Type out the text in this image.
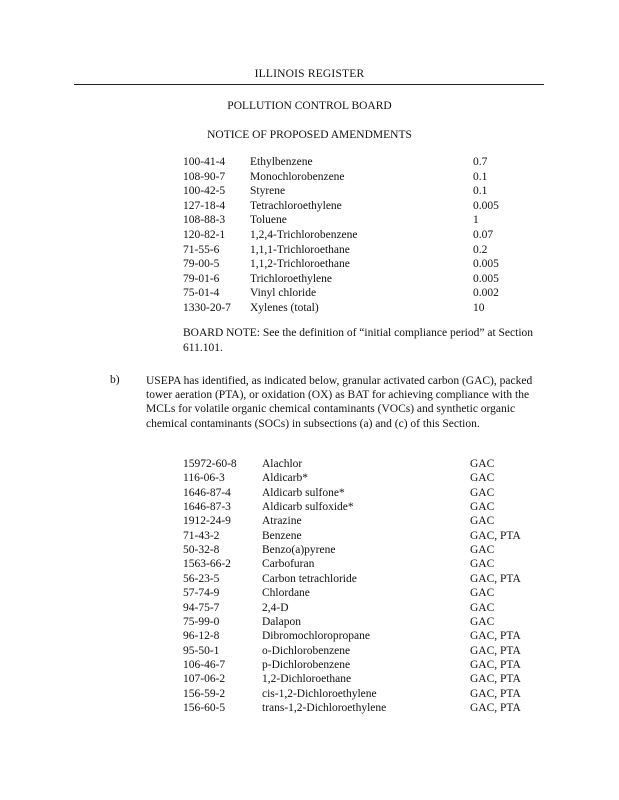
ILLINOIS REGISTER
POLLUTION CONTROL BOARD
NOTICE OF PROPOSED AMENDMENTS
100-41-4 Ethylbenzene	0.7
108-90-7 Monochlorobenzene	0.1
100-42-5 Styrene	0.1
127-18-4 Tetrachloroethylene	0.005
108-88-3 Toluene	1
120-82-1 1,2,4-Trichlorobenzene	0.07
71-55-6	1,1,1-Trichloroethane	0.2
79-00-5	1,1,2-Trichloroethane	0.005
79-01-6	Trichloroethylene	0.005
75-01-4	Vinyl chloride	0.002
1330-20-7 Xylenes (total)	10
BOARD NOTE: See the definition of “initial compliance period” at Section 611.101.
b) USEPA has identified, as indicated below, granular activated carbon (GAC), packed tower aeration (PTA), or oxidation (OX) as BAT for achieving compliance with the MCLs for volatile organic chemical contaminants (VOCs) and synthetic organic chemical contaminants (SOCs) in subsections (a) and (c) of this Section.
15972-60-8 Alachlor	GAC
116-06-3	Aldicarb*	GAC
1646-87-4	Aldicarb sulfone*	GAC
1646-87-3	Aldicarb sulfoxide*	GAC
1912-24-9	Atrazine	GAC
71-43-2	Benzene	GAC, PTA
50-32-8	Benzo(a)pyrene	GAC
1563-66-2	Carbofuran	GAC
56-23-5	Carbon tetrachloride	GAC, PTA
57-74-9	Chlordane	GAC
94-75-7	2,4-D	GAC
75-99-0	Dalapon	GAC
96-12-8	Dibromochloropropane	GAC, PTA
95-50-1	o-Dichlorobenzene	GAC, PTA
106-46-7	p-Dichlorobenzene	GAC, PTA
107-06-2	1,2-Dichloroethane	GAC, PTA
156-59-2	cis-1,2-Dichloroethylene	GAC, PTA
156-60-5	trans-1,2-Dichloroethylene	GAC, PTA
